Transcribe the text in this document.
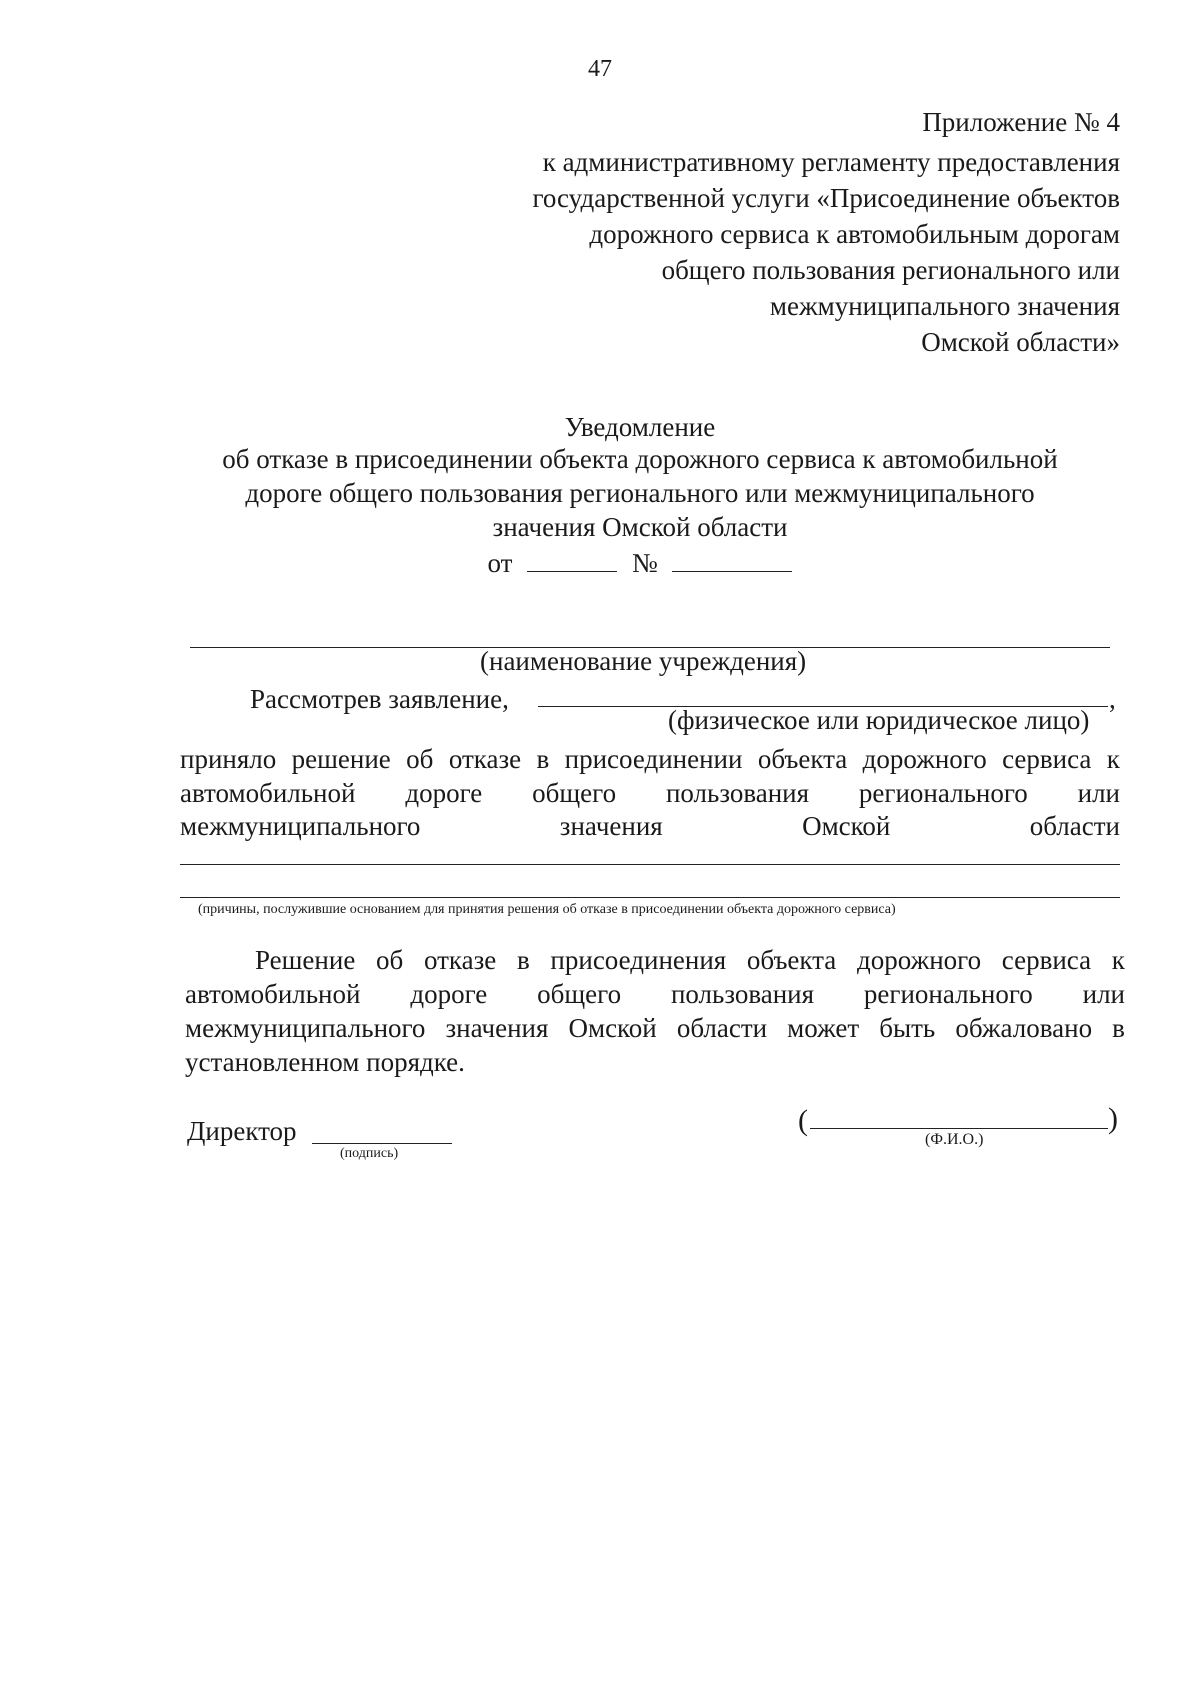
47
Приложение № 4
к административному регламенту предоставления
государственной услуги «Присоединение объектов
дорожного сервиса к автомобильным дорогам
общего пользования регионального или
межмуниципального значения
Омской области»
Уведомление
об отказе в присоединении объекта дорожного сервиса к автомобильной
дороге общего пользования регионального или межмуниципального
значения Омской области
от	№
(наименование учреждения)
Рассмотрев заявление,	,
(физическое или юридическое лицо)
приняло решение об отказе в присоединении объекта дорожного сервиса к
автомобильной дороге общего пользования регионального или
межмуниципального	значения	Омской	области
(причины, послужившие основанием для принятия решения об отказе в присоединении объекта дорожного сервиса)
Решение об отказе в присоединения объекта дорожного сервиса к
автомобильной дороге общего пользования регионального или
межмуниципального значения Омской области может быть обжаловано в
установленном порядке.
Директор
(подпись)
(	)
(Ф.И.О.)
